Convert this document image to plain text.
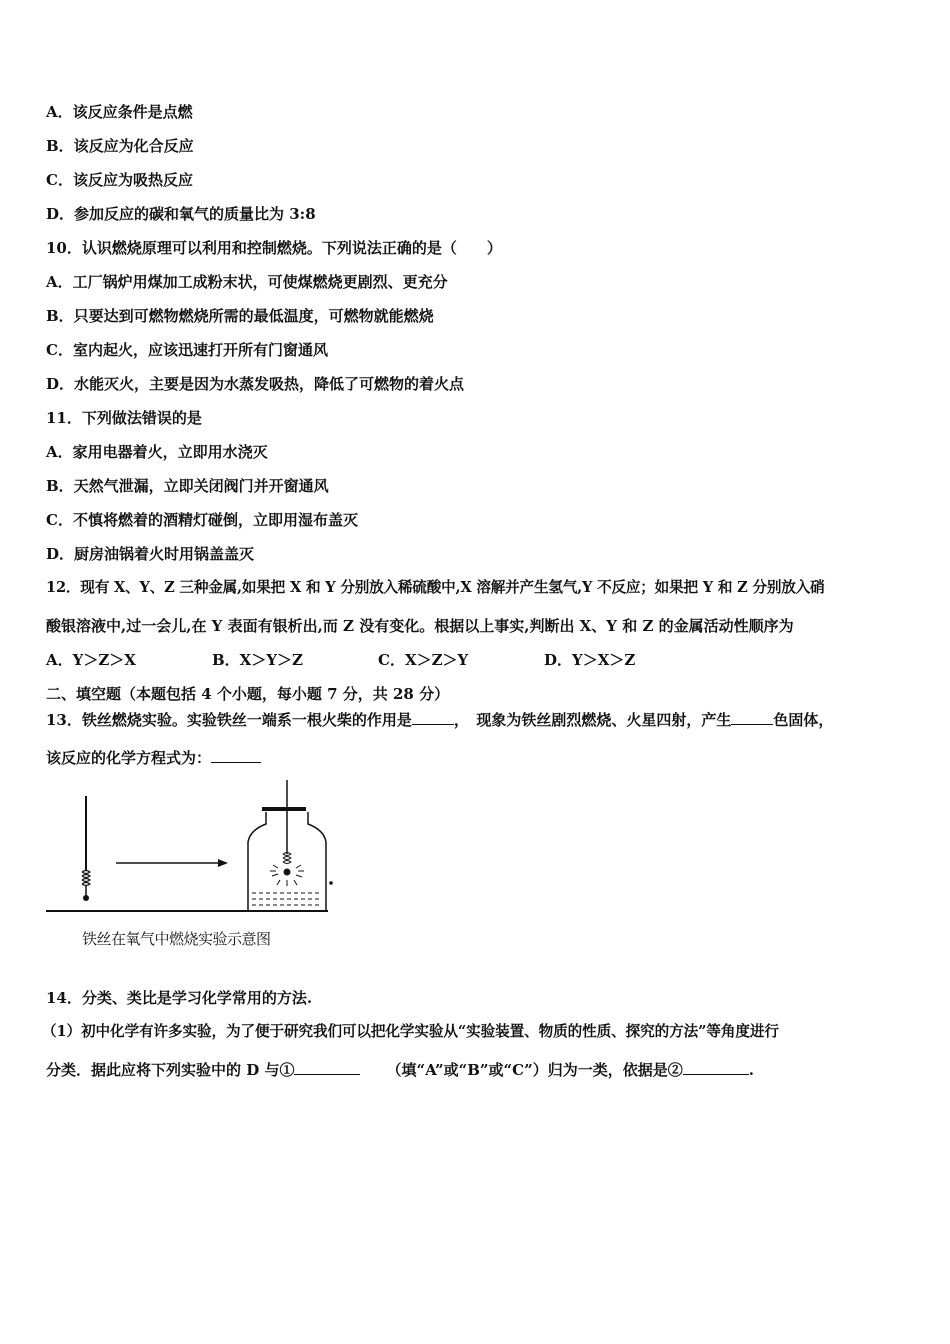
A．该反应条件是点燃
B．该反应为化合反应
C．该反应为吸热反应
D．参加反应的碳和氧气的质量比为 3:8
10．认识燃烧原理可以利用和控制燃烧。下列说法正确的是（　　）
A．工厂锅炉用煤加工成粉末状，可使煤燃烧更剧烈、更充分
B．只要达到可燃物燃烧所需的最低温度，可燃物就能燃烧
C．室内起火，应该迅速打开所有门窗通风
D．水能灭火，主要是因为水蒸发吸热，降低了可燃物的着火点
11．下列做法错误的是
A．家用电器着火，立即用水浇灭
B．天然气泄漏，立即关闭阀门并开窗通风
C．不慎将燃着的酒精灯碰倒，立即用湿布盖灭
D．厨房油锅着火时用锅盖盖灭
12．现有 X、Y、Z 三种金属,如果把 X 和 Y 分别放入稀硫酸中,X 溶解并产生氢气,Y 不反应；如果把 Y 和 Z 分别放入硝
酸银溶液中,过一会儿,在 Y 表面有银析出,而 Z 没有变化。根据以上事实,判断出 X、Y 和 Z 的金属活动性顺序为
A．Y＞Z＞X	B．X＞Y＞Z	C．X＞Z＞Y	D．Y＞X＞Z
二、填空题（本题包括 4 个小题，每小题 7 分，共 28 分）
13．铁丝燃烧实验。实验铁丝一端系一根火柴的作用是	，　现象为铁丝剧烈燃烧、火星四射，产生	色固体，
该反应的化学方程式为：
铁丝在氧气中燃烧实验示意图
14．分类、类比是学习化学常用的方法.
（1）初中化学有许多实验，为了便于研究我们可以把化学实验从“实验装置、物质的性质、探究的方法”等角度进行
分类．据此应将下列实验中的 D 与①	（填“A”或“B”或“C”）归为一类，依据是②	.
